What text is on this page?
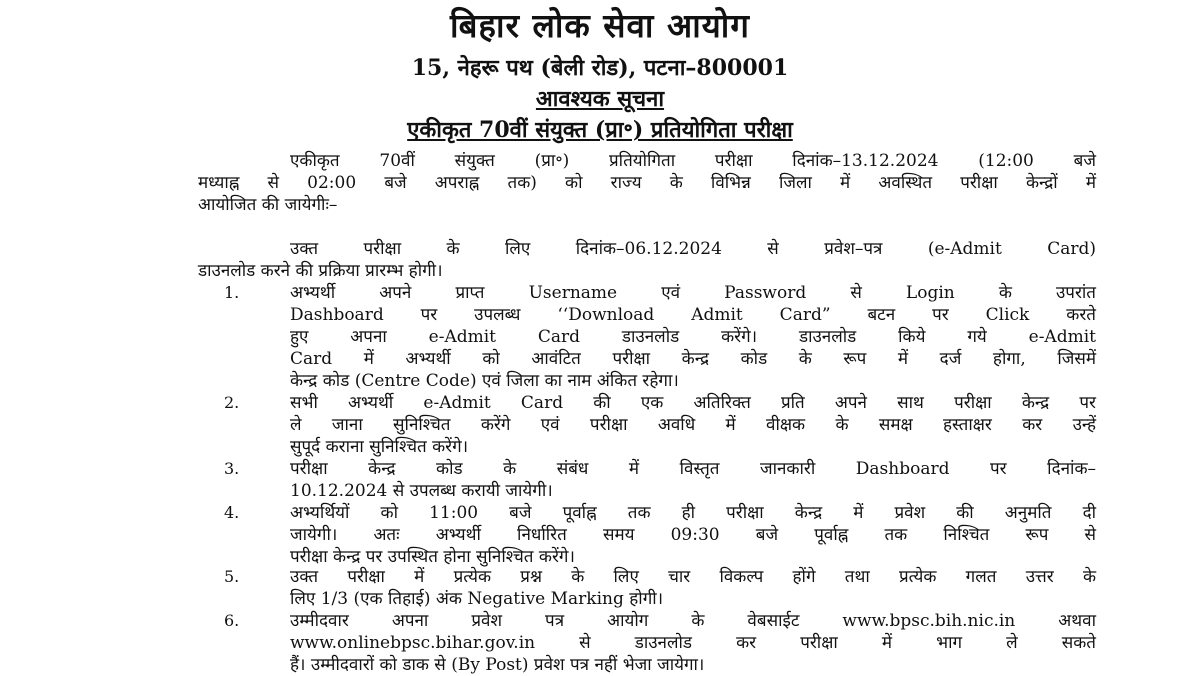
बिहार लोक सेवा आयोग
15, नेहरू पथ (बेली रोड), पटना–800001
आवश्यक सूचना
एकीकृत 70वीं संयुक्त (प्रा॰) प्रतियोगिता परीक्षा
एकीकृत 70वीं संयुक्त (प्रा॰) प्रतियोगिता परीक्षा दिनांक–13.12.2024 (12:00 बजे
मध्याह्न से 02:00 बजे अपराह्न तक) को राज्य के विभिन्न जिला में अवस्थित परीक्षा केन्द्रों में
आयोजित की जायेगीः–
उक्त परीक्षा के लिए दिनांक–06.12.2024 से प्रवेश–पत्र (e-Admit Card)
डाउनलोड करने की प्रक्रिया प्रारम्भ होगी।
1.	अभ्यर्थी अपने प्राप्त Username एवं Password से Login के उपरांत
Dashboard पर उपलब्ध ‘‘Download Admit Card” बटन पर Click करते
हुए अपना e-Admit Card डाउनलोड करेंगे। डाउनलोड किये गये e-Admit
Card में अभ्यर्थी को आवंटित परीक्षा केन्द्र कोड के रूप में दर्ज होगा, जिसमें
केन्द्र कोड (Centre Code) एवं जिला का नाम अंकित रहेगा।
2.	सभी अभ्यर्थी e-Admit Card की एक अतिरिक्त प्रति अपने साथ परीक्षा केन्द्र पर
ले जाना सुनिश्चित करेंगे एवं परीक्षा अवधि में वीक्षक के समक्ष हस्ताक्षर कर उन्हें
सुपूर्द कराना सुनिश्चित करेंगे।
3.	परीक्षा केन्द्र कोड के संबंध में विस्तृत जानकारी Dashboard पर दिनांक–
10.12.2024 से उपलब्ध करायी जायेगी।
4.	अभ्यर्थियों को 11:00 बजे पूर्वाह्न तक ही परीक्षा केन्द्र में प्रवेश की अनुमति दी
जायेगी। अतः अभ्यर्थी निर्धारित समय 09:30 बजे पूर्वाह्न तक निश्चित रूप से
परीक्षा केन्द्र पर उपस्थित होना सुनिश्चित करेंगे।
5.	उक्त परीक्षा में प्रत्येक प्रश्न के लिए चार विकल्प होंगे तथा प्रत्येक गलत उत्तर के
लिए 1/3 (एक तिहाई) अंक Negative Marking होगी।
6.	उम्मीदवार अपना प्रवेश पत्र आयोग के वेबसाईट www.bpsc.bih.nic.in अथवा
www.onlinebpsc.bihar.gov.in से डाउनलोड कर परीक्षा में भाग ले सकते
हैं। उम्मीदवारों को डाक से (By Post) प्रवेश पत्र नहीं भेजा जायेगा।
